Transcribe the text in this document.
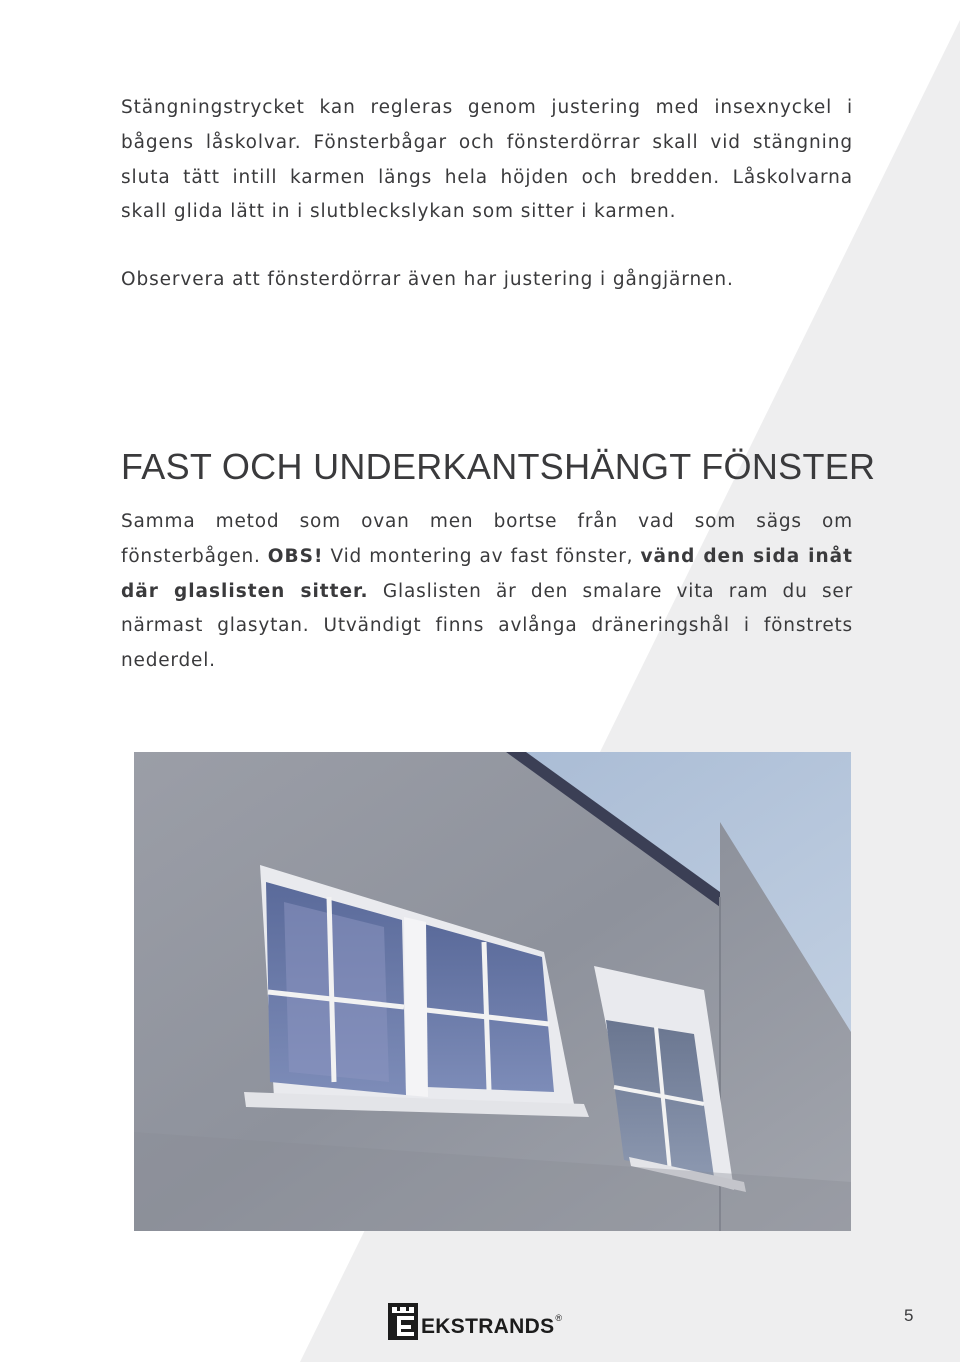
Stängningstrycket kan regleras genom justering med insexnyckel i bågens låskolvar. Fönsterbågar och fönsterdörrar skall vid stängning sluta tätt intill karmen längs hela höjden och bredden. Låskolvarna skall glida lätt in i slutbleckslykan som sitter i karmen.

Observera att fönsterdörrar även har justering i gångjärnen.

FAST OCH UNDERKANTSHÄNGT FÖNSTER

Samma metod som ovan men bortse från vad som sägs om fönsterbågen. OBS! Vid montering av fast fönster, vänd den sida inåt där glaslisten sitter. Glaslisten är den smalare vita ram du ser närmast glasytan. Utvändigt finns avlånga dräneringshål i fönstrets nederdel.

EKSTRANDS ®	5
